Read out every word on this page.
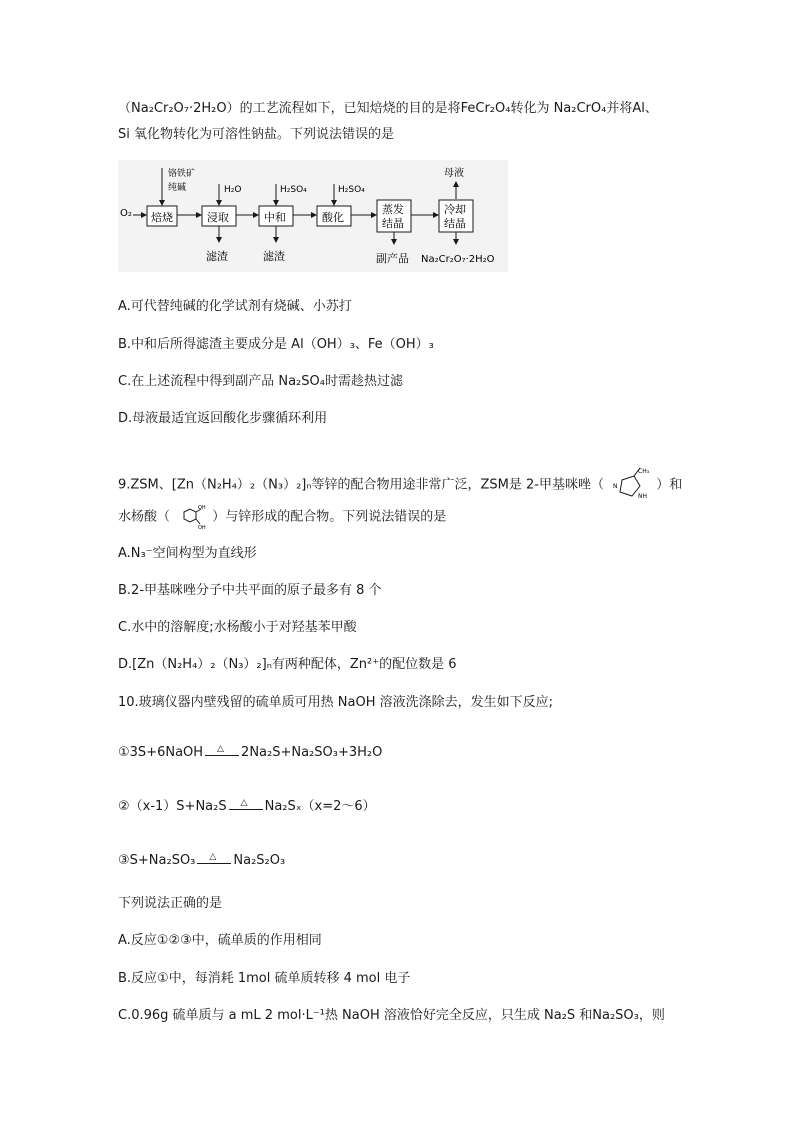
（Na₂Cr₂O₇·2H₂O）的工艺流程如下，已知焙烧的目的是将FeCr₂O₄转化为 Na₂CrO₄并将Al、
Si 氧化物转化为可溶性钠盐。下列说法错误的是
O₂ 焙烧	浸取	中和	酸化
蒸发
结晶
冷却
结晶
铬铁矿
纯碱	H₂O	H₂SO₄	H₂SO₄
母液
滤渣	滤渣	副产品 Na₂Cr₂O₇·2H₂O
A.可代替纯碱的化学试剂有烧碱、小苏打
B.中和后所得滤渣主要成分是 Al（OH）₃、Fe（OH）₃
C.在上述流程中得到副产品 Na₂SO₄时需趁热过滤
D.母液最适宜返回酸化步骤循环利用
9.ZSM、[Zn（N₂H₄）₂（N₃）₂]ₙ等锌的配合物用途非常广泛，ZSM是 2-甲基咪唑（
CH₃
N
NH
）和
水杨酸（
OH
OH
）与锌形成的配合物。下列说法错误的是
A.N₃⁻空间构型为直线形
B.2-甲基咪唑分子中共平面的原子最多有 8 个
C.水中的溶解度;水杨酸小于对羟基苯甲酸
D.[Zn（N₂H₄）₂（N₃）₂]ₙ有两种配体，Zn²⁺的配位数是 6
10.玻璃仪器内壁残留的硫单质可用热 NaOH 溶液洗涤除去，发生如下反应;
①3S+6NaOH △ 2Na₂S+Na₂SO₃+3H₂O
②（x-1）S+Na₂S △ Na₂Sₓ（x=2～6）
③S+Na₂SO₃ △ Na₂S₂O₃
下列说法正确的是
A.反应①②③中，硫单质的作用相同
B.反应①中，每消耗 1mol 硫单质转移 4 mol 电子
C.0.96g 硫单质与 a mL 2 mol·L⁻¹热 NaOH 溶液恰好完全反应，只生成 Na₂S 和Na₂SO₃，则
